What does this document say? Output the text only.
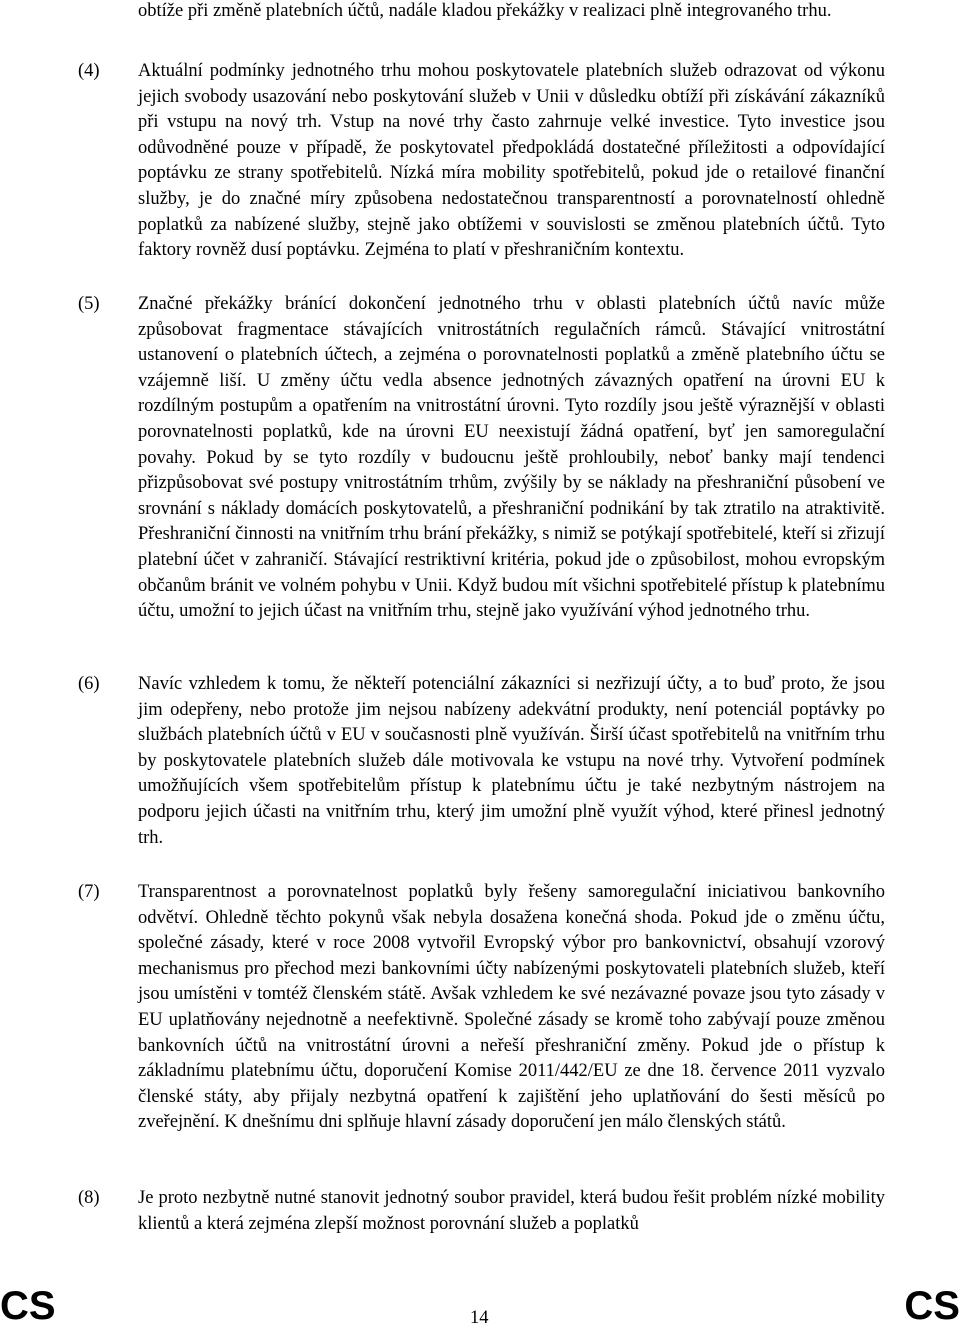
obtíže při změně platebních účtů, nadále kladou překážky v realizaci plně integrovaného trhu.
(4)	Aktuální podmínky jednotného trhu mohou poskytovatele platebních služeb odrazovat od výkonu jejich svobody usazování nebo poskytování služeb v Unii v důsledku obtíží při získávání zákazníků při vstupu na nový trh. Vstup na nové trhy často zahrnuje velké investice. Tyto investice jsou odůvodněné pouze v případě, že poskytovatel předpokládá dostatečné příležitosti a odpovídající poptávku ze strany spotřebitelů. Nízká míra mobility spotřebitelů, pokud jde o retailové finanční služby, je do značné míry způsobena nedostatečnou transparentností a porovnatelností ohledně poplatků za nabízené služby, stejně jako obtížemi v souvislosti se změnou platebních účtů. Tyto faktory rovněž dusí poptávku. Zejména to platí v přeshraničním kontextu.
(5)	Značné překážky bránící dokončení jednotného trhu v oblasti platebních účtů navíc může způsobovat fragmentace stávajících vnitrostátních regulačních rámců. Stávající vnitrostátní ustanovení o platebních účtech, a zejména o porovnatelnosti poplatků a změně platebního účtu se vzájemně liší. U změny účtu vedla absence jednotných závazných opatření na úrovni EU k rozdílným postupům a opatřením na vnitrostátní úrovni. Tyto rozdíly jsou ještě výraznější v oblasti porovnatelnosti poplatků, kde na úrovni EU neexistují žádná opatření, byť jen samoregulační povahy. Pokud by se tyto rozdíly v budoucnu ještě prohloubily, neboť banky mají tendenci přizpůsobovat své postupy vnitrostátním trhům, zvýšily by se náklady na přeshraniční působení ve srovnání s náklady domácích poskytovatelů, a přeshraniční podnikání by tak ztratilo na atraktivitě. Přeshraniční činnosti na vnitřním trhu brání překážky, s nimiž se potýkají spotřebitelé, kteří si zřizují platební účet v zahraničí. Stávající restriktivní kritéria, pokud jde o způsobilost, mohou evropským občanům bránit ve volném pohybu v Unii. Když budou mít všichni spotřebitelé přístup k platebnímu účtu, umožní to jejich účast na vnitřním trhu, stejně jako využívání výhod jednotného trhu.
(6)	Navíc vzhledem k tomu, že někteří potenciální zákazníci si nezřizují účty, a to buď proto, že jsou jim odepřeny, nebo protože jim nejsou nabízeny adekvátní produkty, není potenciál poptávky po službách platebních účtů v EU v současnosti plně využíván. Širší účast spotřebitelů na vnitřním trhu by poskytovatele platebních služeb dále motivovala ke vstupu na nové trhy. Vytvoření podmínek umožňujících všem spotřebitelům přístup k platebnímu účtu je také nezbytným nástrojem na podporu jejich účasti na vnitřním trhu, který jim umožní plně využít výhod, které přinesl jednotný trh.
(7)	Transparentnost a porovnatelnost poplatků byly řešeny samoregulační iniciativou bankovního odvětví. Ohledně těchto pokynů však nebyla dosažena konečná shoda. Pokud jde o změnu účtu, společné zásady, které v roce 2008 vytvořil Evropský výbor pro bankovnictví, obsahují vzorový mechanismus pro přechod mezi bankovními účty nabízenými poskytovateli platebních služeb, kteří jsou umístěni v tomtéž členském státě. Avšak vzhledem ke své nezávazné povaze jsou tyto zásady v EU uplatňovány nejednotně a neefektivně. Společné zásady se kromě toho zabývají pouze změnou bankovních účtů na vnitrostátní úrovni a neřeší přeshraniční změny. Pokud jde o přístup k základnímu platebnímu účtu, doporučení Komise 2011/442/EU ze dne 18. července 2011 vyzvalo členské státy, aby přijaly nezbytná opatření k zajištění jeho uplatňování do šesti měsíců po zveřejnění. K dnešnímu dni splňuje hlavní zásady doporučení jen málo členských států.
(8)	Je proto nezbytně nutné stanovit jednotný soubor pravidel, která budou řešit problém nízké mobility klientů a která zejména zlepší možnost porovnání služeb a poplatků
CS	14	CS
